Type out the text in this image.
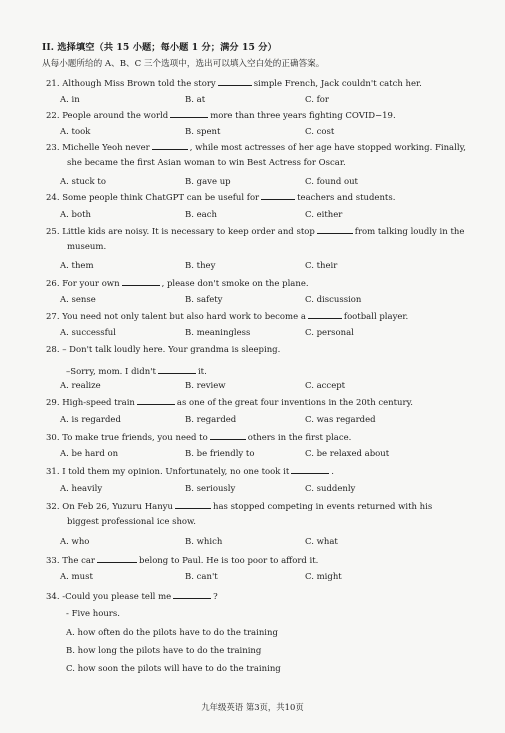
II. 选择填空（共 15 小题；每小题 1 分；满分 15 分）
从每小题所给的 A、B、C 三个选项中，选出可以填入空白处的正确答案。
21. Although Miss Brown told the story	simple French, Jack couldn't catch her.
A. in	B. at	C. for
22. People around the world	more than three years fighting COVID−19.
A. took	B. spent	C. cost
23. Michelle Yeoh never	, while most actresses of her age have stopped working. Finally,
she became the first Asian woman to win Best Actress for Oscar.
A. stuck to	B. gave up	C. found out
24. Some people think ChatGPT can be useful for	teachers and students.
A. both	B. each	C. either
25. Little kids are noisy. It is necessary to keep order and stop	from talking loudly in the
museum.
A. them	B. they	C. their
26. For your own	, please don't smoke on the plane.
A. sense	B. safety	C. discussion
27. You need not only talent but also hard work to become a	football player.
A. successful	B. meaningless	C. personal
28. – Don't talk loudly here. Your grandma is sleeping.
–Sorry, mom. I didn't	it.
A. realize	B. review	C. accept
29. High-speed train	as one of the great four inventions in the 20th century.
A. is regarded	B. regarded	C. was regarded
30. To make true friends, you need to	others in the first place.
A. be hard on	B. be friendly to	C. be relaxed about
31. I told them my opinion. Unfortunately, no one took it	.
A. heavily	B. seriously	C. suddenly
32. On Feb 26, Yuzuru Hanyu	has stopped competing in events returned with his
biggest professional ice show.
A. who	B. which	C. what
33. The car	belong to Paul. He is too poor to afford it.
A. must	B. can't	C. might
34. -Could you please tell me	?
- Five hours.
A. how often do the pilots have to do the training
B. how long the pilots have to do the training
C. how soon the pilots will have to do the training
九年级英语 第3页，共10页
